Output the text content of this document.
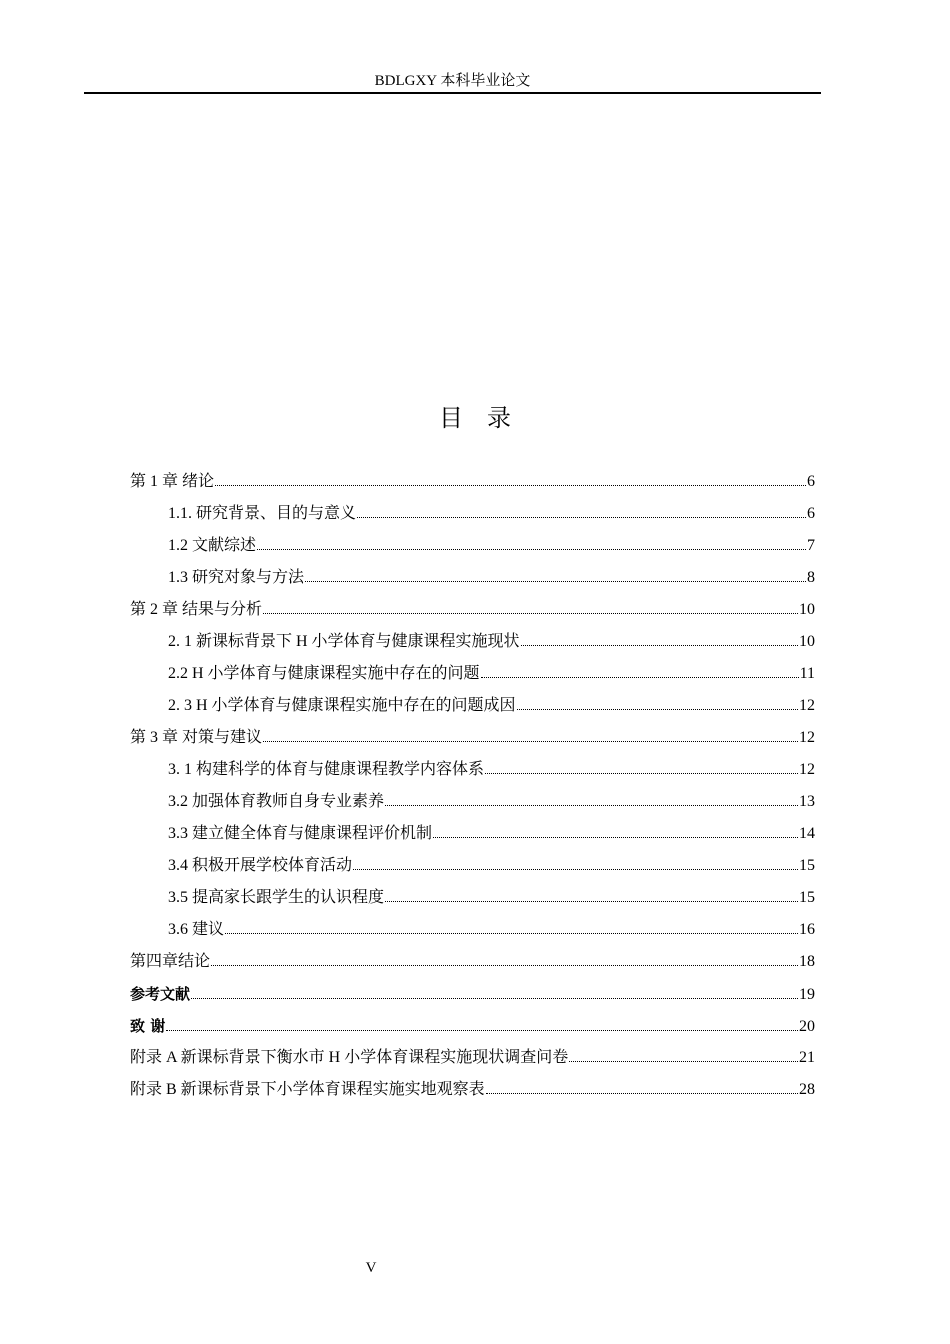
BDLGXY 本科毕业论文
目录
第 1 章 绪论	6
1.1. 研究背景、目的与意义	6
1.2 文献综述	7
1.3 研究对象与方法	8
第 2 章 结果与分析	10
2. 1 新课标背景下 H 小学体育与健康课程实施现状	10
2.2 H 小学体育与健康课程实施中存在的问题	11
2. 3 H 小学体育与健康课程实施中存在的问题成因	12
第 3 章 对策与建议	12
3. 1 构建科学的体育与健康课程教学内容体系	12
3.2 加强体育教师自身专业素养	13
3.3 建立健全体育与健康课程评价机制	14
3.4 积极开展学校体育活动	15
3.5 提高家长跟学生的认识程度	15
3.6 建议	16
第四章结论	18
参考文献	19
致 谢	20
附录 A 新课标背景下衡水市 H 小学体育课程实施现状调查问卷	21
附录 B 新课标背景下小学体育课程实施实地观察表	28
V
